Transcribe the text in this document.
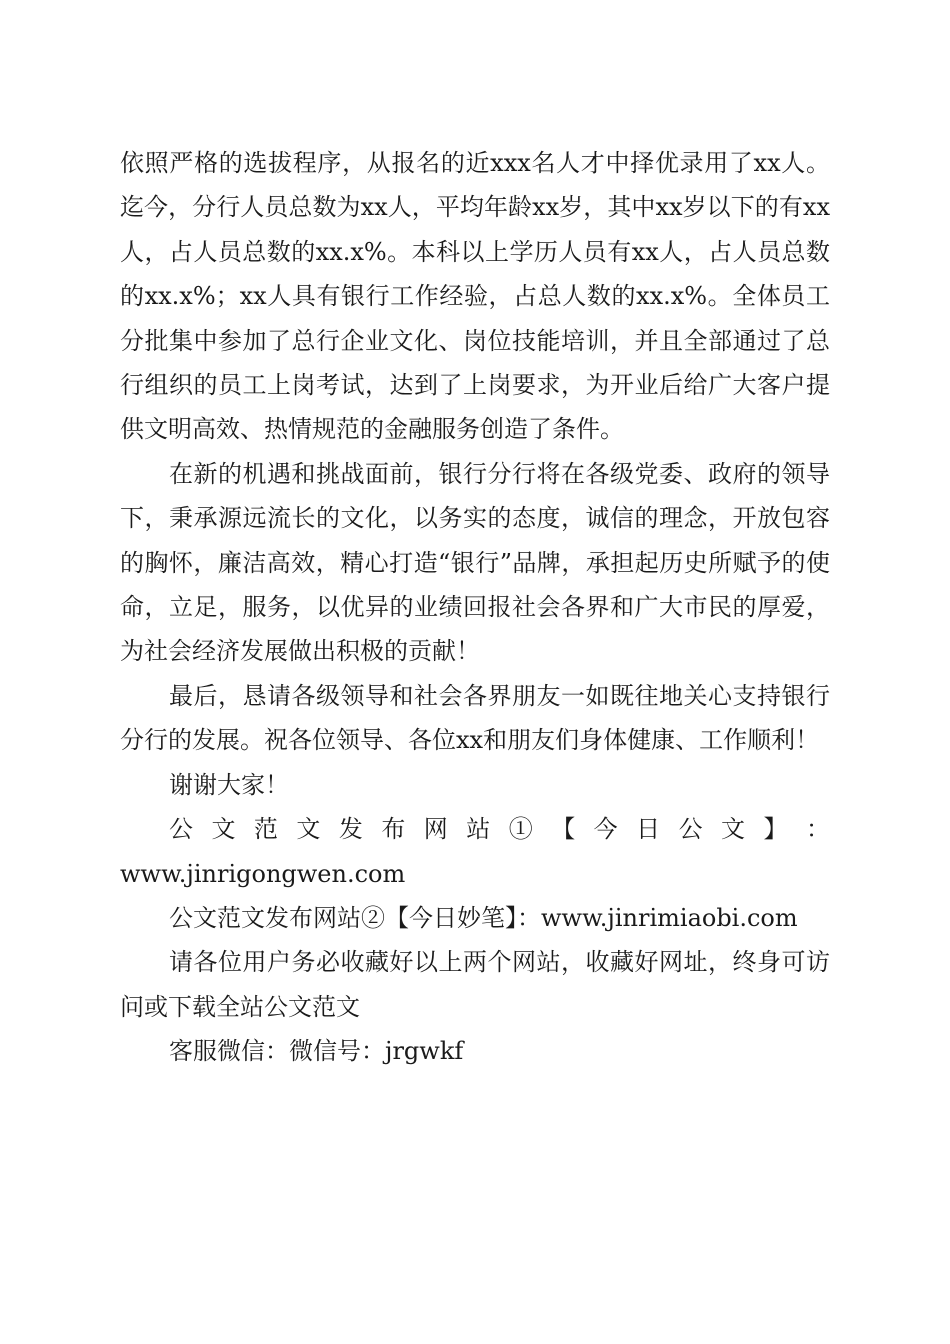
依照严格的选拔程序，从报名的近xxx名人才中择优录用了xx人。迄今，分行人员总数为xx人，平均年龄xx岁，其中xx岁以下的有xx人，占人员总数的xx.x%。本科以上学历人员有xx人，占人员总数的xx.x%；xx人具有银行工作经验，占总人数的xx.x%。全体员工分批集中参加了总行企业文化、岗位技能培训，并且全部通过了总行组织的员工上岗考试，达到了上岗要求，为开业后给广大客户提供文明高效、热情规范的金融服务创造了条件。

在新的机遇和挑战面前，银行分行将在各级党委、政府的领导下，秉承源远流长的文化，以务实的态度，诚信的理念，开放包容的胸怀，廉洁高效，精心打造“银行”品牌，承担起历史所赋予的使命，立足，服务，以优异的业绩回报社会各界和广大市民的厚爱，为社会经济发展做出积极的贡献！

最后，恳请各级领导和社会各界朋友一如既往地关心支持银行分行的发展。祝各位领导、各位xx和朋友们身体健康、工作顺利！

谢谢大家！

公 文 范 文 发 布 网 站 ① 【 今 日 公 文 】 ：
www.jinrigongwen.com

公文范文发布网站②【今日妙笔】：www.jinrimiaobi.com

请各位用户务必收藏好以上两个网站，收藏好网址，终身可访问或下载全站公文范文

客服微信：微信号：jrgwkf
